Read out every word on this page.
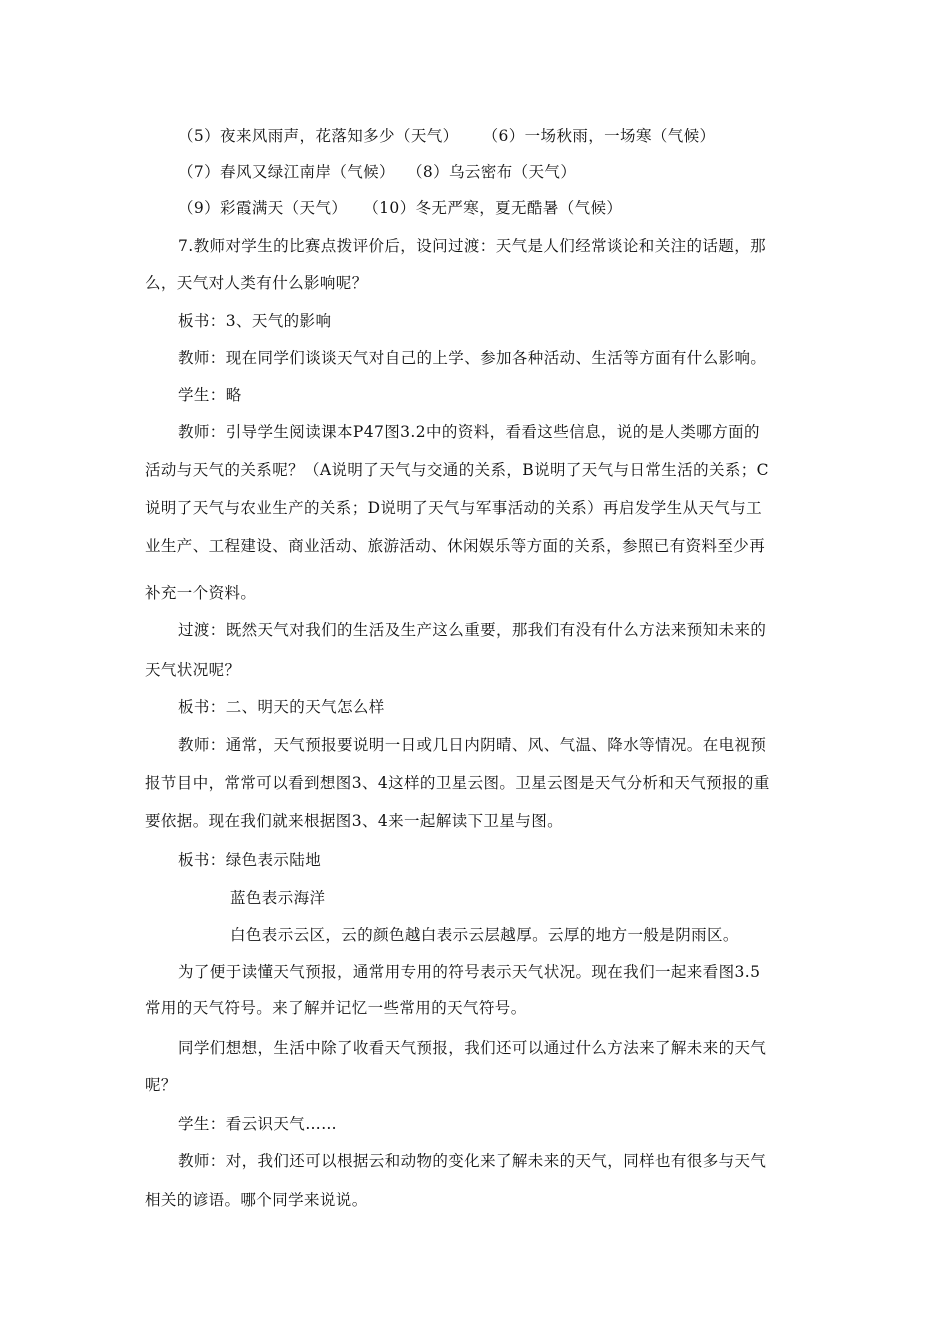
（5）夜来风雨声，花落知多少（天气） （6）一场秋雨，一场寒（气候）
（7）春风又绿江南岸（气候） （8）乌云密布（天气）
（9）彩霞满天（天气） （10）冬无严寒，夏无酷暑（气候）
7.教师对学生的比赛点拨评价后，设问过渡：天气是人们经常谈论和关注的话题，那
么，天气对人类有什么影响呢？
板书：3、天气的影响
教师：现在同学们谈谈天气对自己的上学、参加各种活动、生活等方面有什么影响。
学生：略
教师：引导学生阅读课本P47图3.2中的资料，看看这些信息，说的是人类哪方面的
活动与天气的关系呢？（A说明了天气与交通的关系，B说明了天气与日常生活的关系；C
说明了天气与农业生产的关系；D说明了天气与军事活动的关系）再启发学生从天气与工
业生产、工程建设、商业活动、旅游活动、休闲娱乐等方面的关系，参照已有资料至少再
补充一个资料。
过渡：既然天气对我们的生活及生产这么重要，那我们有没有什么方法来预知未来的
天气状况呢？
板书：二、明天的天气怎么样
教师：通常，天气预报要说明一日或几日内阴晴、风、气温、降水等情况。在电视预
报节目中，常常可以看到想图3、4这样的卫星云图。卫星云图是天气分析和天气预报的重
要依据。现在我们就来根据图3、4来一起解读下卫星与图。
板书：绿色表示陆地
蓝色表示海洋
白色表示云区，云的颜色越白表示云层越厚。云厚的地方一般是阴雨区。
为了便于读懂天气预报，通常用专用的符号表示天气状况。现在我们一起来看图3.5
常用的天气符号。来了解并记忆一些常用的天气符号。
同学们想想，生活中除了收看天气预报，我们还可以通过什么方法来了解未来的天气
呢？
学生：看云识天气……
教师：对，我们还可以根据云和动物的变化来了解未来的天气，同样也有很多与天气
相关的谚语。哪个同学来说说。
